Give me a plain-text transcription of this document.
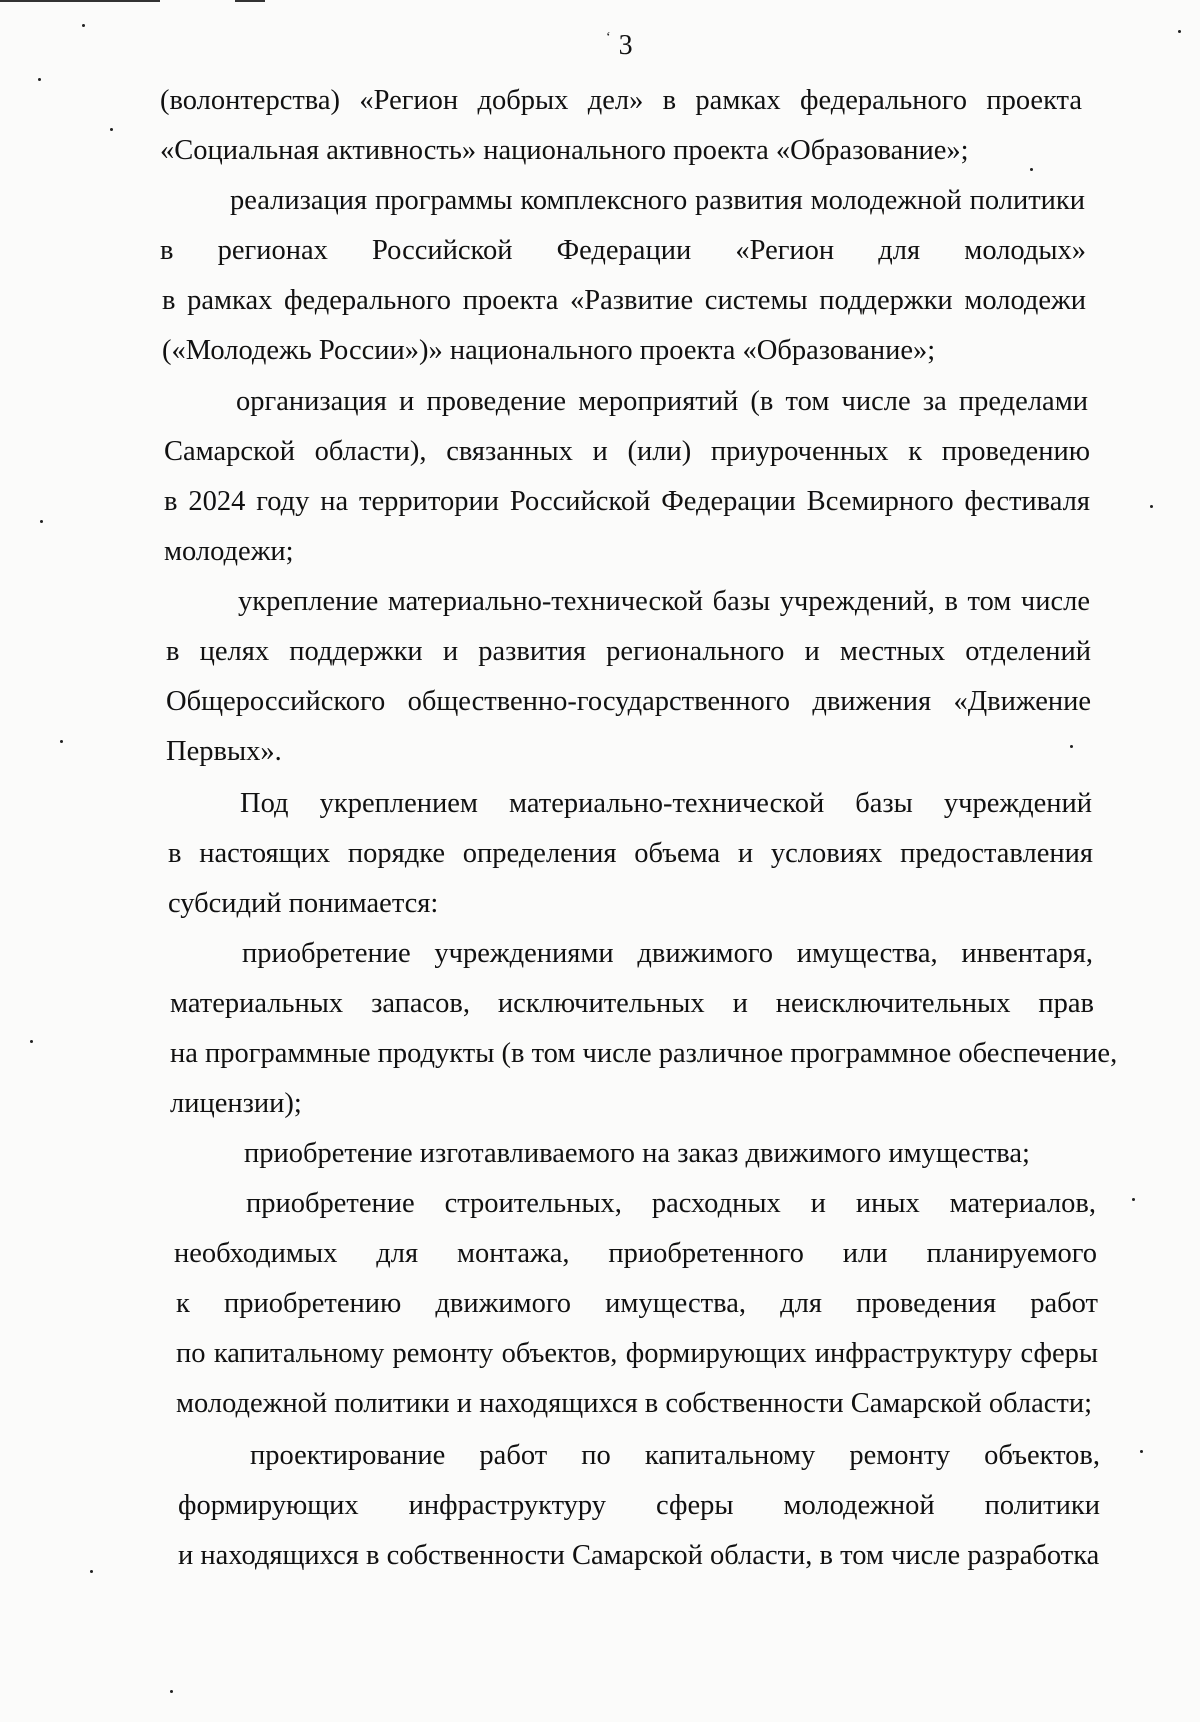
‘ 3
(волонтерства) «Регион добрых дел» в рамках федерального проекта
«Социальная активность» национального проекта «Образование»;
реализация программы комплексного развития молодежной политики
в регионах Российской Федерации «Регион для молодых»
в рамках федерального проекта «Развитие системы поддержки молодежи
(«Молодежь России»)» национального проекта «Образование»;
организация и проведение мероприятий (в том числе за пределами
Самарской области), связанных и (или) приуроченных к проведению
в 2024 году на территории Российской Федерации Всемирного фестиваля
молодежи;
укрепление материально-технической базы учреждений, в том числе
в целях поддержки и развития регионального и местных отделений
Общероссийского общественно-государственного движения «Движение
Первых».
Под укреплением материально-технической базы учреждений
в настоящих порядке определения объема и условиях предоставления
субсидий понимается:
приобретение учреждениями движимого имущества, инвентаря,
материальных запасов, исключительных и неисключительных прав
на программные продукты (в том числе различное программное обеспечение,
лицензии);
приобретение изготавливаемого на заказ движимого имущества;
приобретение строительных, расходных и иных материалов,
необходимых для монтажа, приобретенного или планируемого
к приобретению движимого имущества, для проведения работ
по капитальному ремонту объектов, формирующих инфраструктуру сферы
молодежной политики и находящихся в собственности Самарской области;
проектирование работ по капитальному ремонту объектов,
формирующих инфраструктуру сферы молодежной политики
и находящихся в собственности Самарской области, в том числе разработка
